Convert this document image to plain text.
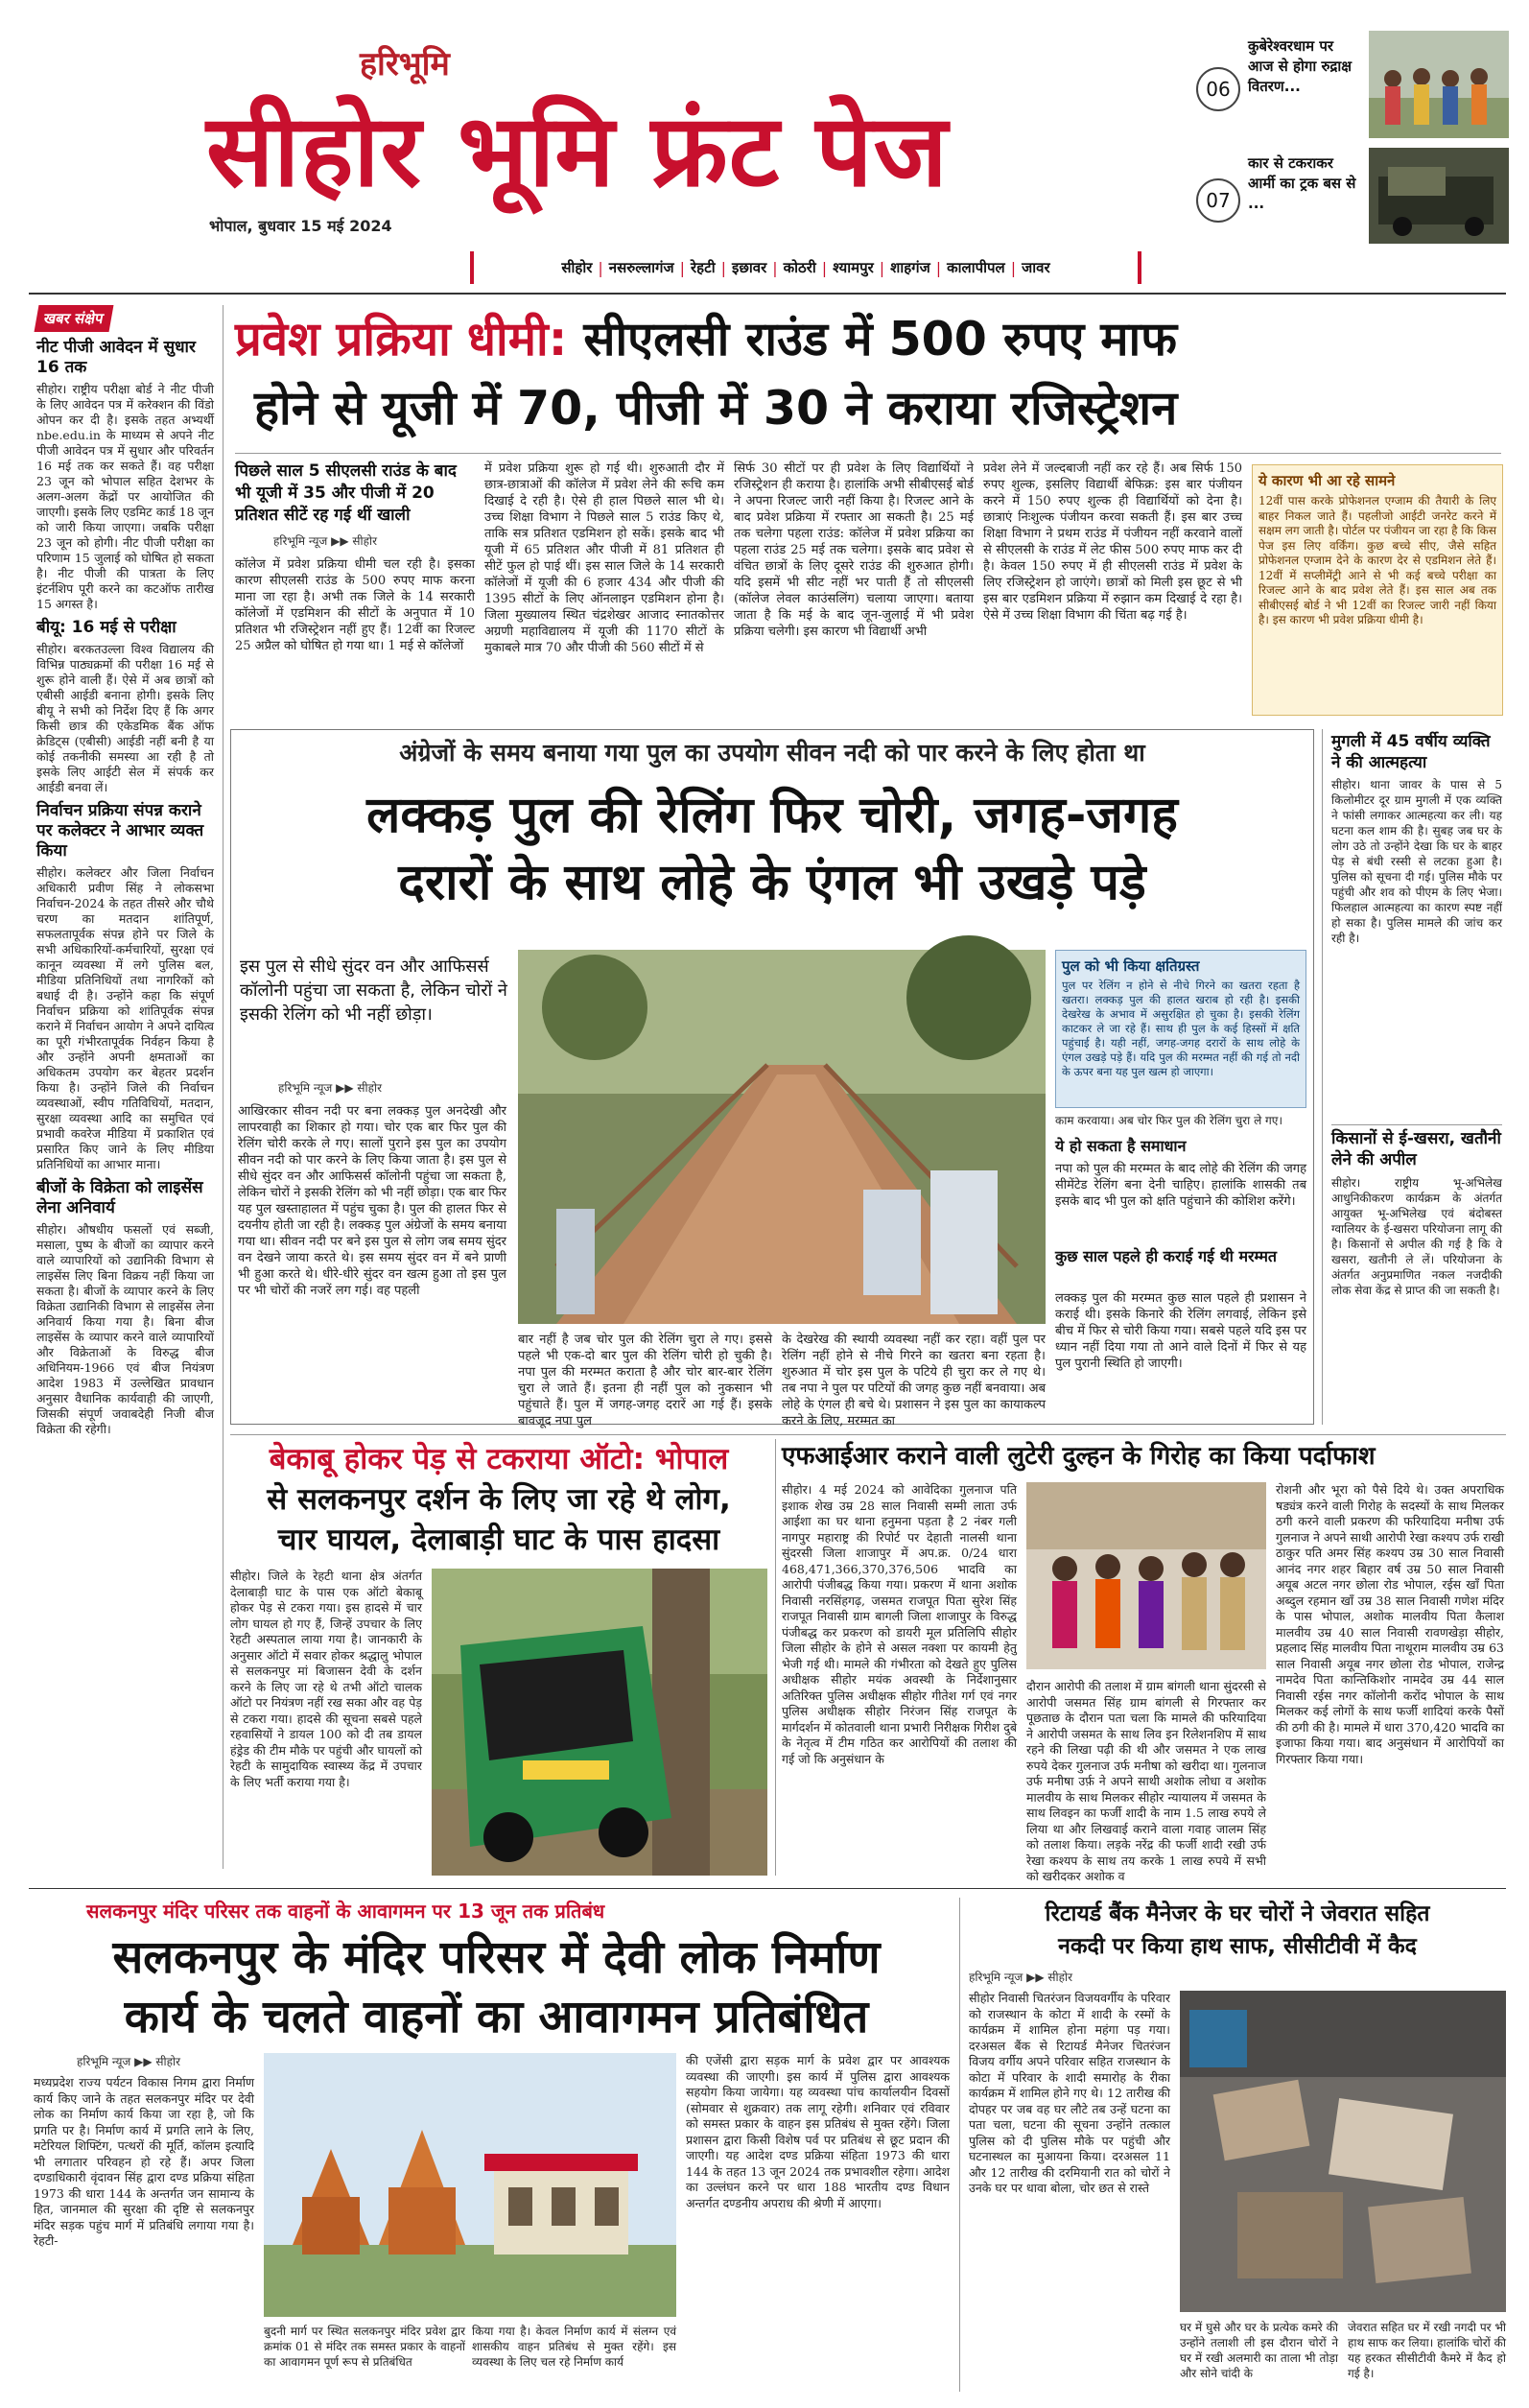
हरिभूमि
सीहोर भूमि फ्रंट पेज
भोपाल, बुधवार 15 मई 2024
06
कुबेरेश्वरधाम पर आज से होगा रुद्राक्ष वितरण...
07
कार से टकराकर आर्मी का ट्रक बस से ...
सीहोर | नसरुल्लागंज | रेहटी | इछावर | कोठरी | श्यामपुर | शाहगंज | कालापीपल | जावर
खबर संक्षेप
नीट पीजी आवेदन में सुधार 16 तक
सीहोर। राष्ट्रीय परीक्षा बोर्ड ने नीट पीजी के लिए आवेदन पत्र में करेक्शन की विंडो ओपन कर दी है। इसके तहत अभ्यर्थी nbe.edu.in के माध्यम से अपने नीट पीजी आवेदन पत्र में सुधार और परिवर्तन 16 मई तक कर सकते हैं। वह परीक्षा 23 जून को भोपाल सहित देशभर के अलग-अलग केंद्रों पर आयोजित की जाएगी। इसके लिए एडमिट कार्ड 18 जून को जारी किया जाएगा। जबकि परीक्षा 23 जून को होगी। नीट पीजी परीक्षा का परिणाम 15 जुलाई को घोषित हो सकता है। नीट पीजी की पात्रता के लिए इंटर्नशिप पूरी करने का कटऑफ तारीख 15 अगस्त है।
बीयू: 16 मई से परीक्षा
सीहोर। बरकतउल्ला विश्व विद्यालय की विभिन्न पाठ्यक्रमों की परीक्षा 16 मई से शुरू होने वाली हैं। ऐसे में अब छात्रों को एबीसी आईडी बनाना होगी। इसके लिए बीयू ने सभी को निर्देश दिए हैं कि अगर किसी छात्र की एकेडमिक बैंक ऑफ क्रेडिट्स (एबीसी) आईडी नहीं बनी है या कोई तकनीकी समस्या आ रही है तो इसके लिए आईटी सेल में संपर्क कर आईडी बनवा लें।
निर्वाचन प्रक्रिया संपन्न कराने पर कलेक्टर ने आभार व्यक्त किया
सीहोर। कलेक्टर और जिला निर्वाचन अधिकारी प्रवीण सिंह ने लोकसभा निर्वाचन-2024 के तहत तीसरे और चौथे चरण का मतदान शांतिपूर्ण, सफलतापूर्वक संपन्न होने पर जिले के सभी अधिकारियों-कर्मचारियों, सुरक्षा एवं कानून व्यवस्था में लगे पुलिस बल, मीडिया प्रतिनिधियों तथा नागरिकों को बधाई दी है। उन्होंने कहा कि संपूर्ण निर्वाचन प्रक्रिया को शांतिपूर्वक संपन्न कराने में निर्वाचन आयोग ने अपने दायित्व का पूरी गंभीरतापूर्वक निर्वहन किया है और उन्होंने अपनी क्षमताओं का अधिकतम उपयोग कर बेहतर प्रदर्शन किया है। उन्होंने जिले की निर्वाचन व्यवस्थाओं, स्वीप गतिविधियों, मतदान, सुरक्षा व्यवस्था आदि का समुचित एवं प्रभावी कवरेज मीडिया में प्रकाशित एवं प्रसारित किए जाने के लिए मीडिया प्रतिनिधियों का आभार माना।
बीजों के विक्रेता को लाइसेंस लेना अनिवार्य
सीहोर। औषधीय फसलों एवं सब्जी, मसाला, पुष्प के बीजों का व्यापार करने वाले व्यापारियों को उद्यानिकी विभाग से लाइसेंस लिए बिना विक्रय नहीं किया जा सकता है। बीजों के व्यापार करने के लिए विक्रेता उद्यानिकी विभाग से लाइसेंस लेना अनिवार्य किया गया है। बिना बीज लाइसेंस के व्यापार करने वाले व्यापारियों और विक्रेताओं के विरुद्ध बीज अधिनियम-1966 एवं बीज नियंत्रण आदेश 1983 में उल्लेखित प्रावधान अनुसार वैधानिक कार्यवाही की जाएगी, जिसकी संपूर्ण जवाबदेही निजी बीज विक्रेता की रहेगी।
प्रवेश प्रक्रिया धीमी: सीएलसी राउंड में 500 रुपए माफ
होने से यूजी में 70, पीजी में 30 ने कराया रजिस्ट्रेशन
पिछले साल 5 सीएलसी राउंड के बाद भी यूजी में 35 और पीजी में 20 प्रतिशत सीटें रह गई थीं खाली
हरिभूमि न्यूज ▶▶ सीहोर
कॉलेज में प्रवेश प्रक्रिया धीमी चल रही है। इसका कारण सीएलसी राउंड के 500 रुपए माफ करना माना जा रहा है। अभी तक जिले के 14 सरकारी कॉलेजों में एडमिशन की सीटों के अनुपात में 10 प्रतिशत भी रजिस्ट्रेशन नहीं हुए हैं। 12वीं का रिजल्ट 25 अप्रैल को घोषित हो गया था। 1 मई से कॉलेजों
में प्रवेश प्रक्रिया शुरू हो गई थी। शुरुआती दौर में छात्र-छात्राओं की कॉलेज में प्रवेश लेने की रूचि कम दिखाई दे रही है। ऐसे ही हाल पिछले साल भी थे। उच्च शिक्षा विभाग ने पिछले साल 5 राउंड किए थे, ताकि सत्र प्रतिशत एडमिशन हो सकें। इसके बाद भी यूजी में 65 प्रतिशत और पीजी में 81 प्रतिशत ही सीटें फुल हो पाई थीं। इस साल जिले के 14 सरकारी कॉलेजों में यूजी की 6 हजार 434 और पीजी की 1395 सीटों के लिए ऑनलाइन एडमिशन होना है। जिला मुख्यालय स्थित चंद्रशेखर आजाद स्नातकोत्तर अग्रणी महाविद्यालय में यूजी की 1170 सीटों के मुकाबले मात्र 70 और पीजी की 560 सीटों में से
सिर्फ 30 सीटों पर ही प्रवेश के लिए विद्यार्थियों ने रजिस्ट्रेशन ही कराया है। हालांकि अभी सीबीएसई बोर्ड ने अपना रिजल्ट जारी नहीं किया है। रिजल्ट आने के बाद प्रवेश प्रक्रिया में रफ्तार आ सकती है। 25 मई तक चलेगा पहला राउंड: कॉलेज में प्रवेश प्रक्रिया का पहला राउंड 25 मई तक चलेगा। इसके बाद प्रवेश से वंचित छात्रों के लिए दूसरे राउंड की शुरुआत होगी। यदि इसमें भी सीट नहीं भर पाती हैं तो सीएलसी (कॉलेज लेवल काउंसलिंग) चलाया जाएगा। बताया जाता है कि मई के बाद जून-जुलाई में भी प्रवेश प्रक्रिया चलेगी। इस कारण भी विद्यार्थी अभी
प्रवेश लेने में जल्दबाजी नहीं कर रहे हैं। अब सिर्फ 150 रुपए शुल्क, इसलिए विद्यार्थी बेफिक्र: इस बार पंजीयन करने में 150 रुपए शुल्क ही विद्यार्थियों को देना है। छात्राएं निःशुल्क पंजीयन करवा सकती हैं। इस बार उच्च शिक्षा विभाग ने प्रथम राउंड में पंजीयन नहीं करवाने वालों से सीएलसी के राउंड में लेट फीस 500 रुपए माफ कर दी है। केवल 150 रुपए में ही सीएलसी राउंड में प्रवेश के लिए रजिस्ट्रेशन हो जाएंगे। छात्रों को मिली इस छूट से भी इस बार एडमिशन प्रक्रिया में रुझान कम दिखाई दे रहा है। ऐसे में उच्च शिक्षा विभाग की चिंता बढ़ गई है।
ये कारण भी आ रहे सामने
12वीं पास करके प्रोफेशनल एग्जाम की तैयारी के लिए बाहर निकल जाते हैं। पहलीजो आईटी जनरेट करने में सक्षम लग जाती है। पोर्टल पर पंजीयन जा रहा है कि किस पेज इस लिए वर्किंग। कुछ बच्चे सीए, जैसे सहित प्रोफेशनल एग्जाम देने के कारण देर से एडमिशन लेते हैं। 12वीं में सप्लीमेंट्री आने से भी कई बच्चे परीक्षा का रिजल्ट आने के बाद प्रवेश लेते हैं। इस साल अब तक सीबीएसई बोर्ड ने भी 12वीं का रिजल्ट जारी नहीं किया है। इस कारण भी प्रवेश प्रक्रिया धीमी है।
अंग्रेजों के समय बनाया गया पुल का उपयोग सीवन नदी को पार करने के लिए होता था
लक्कड़ पुल की रेलिंग फिर चोरी, जगह-जगह
दरारों के साथ लोहे के एंगल भी उखड़े पड़े
इस पुल से सीधे सुंदर वन और आफिसर्स कॉलोनी पहुंचा जा सकता है, लेकिन चोरों ने इसकी रेलिंग को भी नहीं छोड़ा।
हरिभूमि न्यूज ▶▶ सीहोर
आखिरकार सीवन नदी पर बना लक्कड़ पुल अनदेखी और लापरवाही का शिकार हो गया। चोर एक बार फिर पुल की रेलिंग चोरी करके ले गए। सालों पुराने इस पुल का उपयोग सीवन नदी को पार करने के लिए किया जाता है। इस पुल से सीधे सुंदर वन और आफिसर्स कॉलोनी पहुंचा जा सकता है, लेकिन चोरों ने इसकी रेलिंग को भी नहीं छोड़ा। एक बार फिर यह पुल खस्ताहालत में पहुंच चुका है। पुल की हालत फिर से दयनीय होती जा रही है। लक्कड़ पुल अंग्रेजों के समय बनाया गया था। सीवन नदी पर बने इस पुल से लोग जब समय सुंदर वन देखने जाया करते थे। इस समय सुंदर वन में बने प्राणी भी हुआ करते थे। धीरे-धीरे सुंदर वन खत्म हुआ तो इस पुल पर भी चोरों की नजरें लग गई। वह पहली
बार नहीं है जब चोर पुल की रेलिंग चुरा ले गए। इससे पहले भी एक-दो बार पुल की रेलिंग चोरी हो चुकी है। नपा पुल की मरम्मत कराता है और चोर बार-बार रेलिंग चुरा ले जाते हैं। इतना ही नहीं पुल को नुकसान भी पहुंचाते हैं। पुल में जगह-जगह दरारें आ गई हैं। इसके बावजूद नपा पुल
के देखरेख की स्थायी व्यवस्था नहीं कर रहा। वहीं पुल पर रेलिंग नहीं होने से नीचे गिरने का खतरा बना रहता है। शुरुआत में चोर इस पुल के पटिये ही चुरा कर ले गए थे। तब नपा ने पुल पर पटियों की जगह कुछ नहीं बनवाया। अब लोहे के एंगल ही बचे थे। प्रशासन ने इस पुल का कायाकल्प करने के लिए, मरम्मत का
पुल को भी किया क्षतिग्रस्त
पुल पर रेलिंग न होने से नीचे गिरने का खतरा रहता है खतरा। लक्कड़ पुल की हालत खराब हो रही है। इसकी देखरेख के अभाव में असुरक्षित हो चुका है। इसकी रेलिंग काटकर ले जा रहे हैं। साथ ही पुल के कई हिस्सों में क्षति पहुंचाई है। यही नहीं, जगह-जगह दरारों के साथ लोहे के एंगल उखड़े पड़े हैं। यदि पुल की मरम्मत नहीं की गई तो नदी के ऊपर बना यह पुल खत्म हो जाएगा।
काम करवाया। अब चोर फिर पुल की रेलिंग चुरा ले गए।
ये हो सकता है समाधान
नपा को पुल की मरम्मत के बाद लोहे की रेलिंग की जगह सीमेंटेड रेलिंग बना देनी चाहिए। हालांकि शासकी तब इसके बाद भी पुल को क्षति पहुंचाने की कोशिश करेंगे।
कुछ साल पहले ही कराई गई थी मरम्मत
लक्कड़ पुल की मरम्मत कुछ साल पहले ही प्रशासन ने कराई थी। इसके किनारे की रेलिंग लगवाई, लेकिन इसे बीच में फिर से चोरी किया गया। सबसे पहले यदि इस पर ध्यान नहीं दिया गया तो आने वाले दिनों में फिर से यह पुल पुरानी स्थिति हो जाएगी।
मुगली में 45 वर्षीय व्यक्ति ने की आत्महत्या
सीहोर। थाना जावर के पास से 5 किलोमीटर दूर ग्राम मुगली में एक व्यक्ति ने फांसी लगाकर आत्महत्या कर ली। यह घटना कल शाम की है। सुबह जब घर के लोग उठे तो उन्होंने देखा कि घर के बाहर पेड़ से बंधी रस्सी से लटका हुआ है। पुलिस को सूचना दी गई। पुलिस मौके पर पहुंची और शव को पीएम के लिए भेजा। फिलहाल आत्महत्या का कारण स्पष्ट नहीं हो सका है। पुलिस मामले की जांच कर रही है।
किसानों से ई-खसरा, खतौनी लेने की अपील
सीहोर। राष्ट्रीय भू-अभिलेख आधुनिकीकरण कार्यक्रम के अंतर्गत आयुक्त भू-अभिलेख एवं बंदोबस्त ग्वालियर के ई-खसरा परियोजना लागू की है। किसानों से अपील की गई है कि वे खसरा, खतौनी ले लें। परियोजना के अंतर्गत अनुप्रमाणित नकल नजदीकी लोक सेवा केंद्र से प्राप्त की जा सकती है।
बेकाबू होकर पेड़ से टकराया ऑटो: भोपाल
से सलकनपुर दर्शन के लिए जा रहे थे लोग,
चार घायल, देलाबाड़ी घाट के पास हादसा
सीहोर। जिले के रेहटी थाना क्षेत्र अंतर्गत देलाबाड़ी घाट के पास एक ऑटो बेकाबू होकर पेड़ से टकरा गया। इस हादसे में चार लोग घायल हो गए हैं, जिन्हें उपचार के लिए रेहटी अस्पताल लाया गया है। जानकारी के अनुसार ऑटो में सवार होकर श्रद्धालु भोपाल से सलकनपुर मां बिजासन देवी के दर्शन करने के लिए जा रहे थे तभी ऑटो चालक ऑटो पर नियंत्रण नहीं रख सका और वह पेड़ से टकरा गया। हादसे की सूचना सबसे पहले रहवासियों ने डायल 100 को दी तब डायल हंड्रेड की टीम मौके पर पहुंची और घायलों को रेहटी के सामुदायिक स्वास्थ्य केंद्र में उपचार के लिए भर्ती कराया गया है।
एफआईआर कराने वाली लुटेरी दुल्हन के गिरोह का किया पर्दाफाश
सीहोर। 4 मई 2024 को आवेदिका गुलनाज पति इशाक शेख उम्र 28 साल निवासी सम्मी लाता उर्फ आईशा का घर थाना हनुमना पड़ता है 2 नंबर गली नागपुर महाराष्ट्र की रिपोर्ट पर देहाती नालसी थाना सुंदरसी जिला शाजापुर में अप.क्र. 0/24 धारा 468,471,366,370,376,506 भादवि का आरोपी पंजीबद्ध किया गया। प्रकरण में थाना अशोक निवासी नरसिंहगढ़, जसमत राजपूत पिता सुरेश सिंह राजपूत निवासी ग्राम बागली जिला शाजापुर के विरुद्ध पंजीबद्ध कर प्रकरण को डायरी मूल प्रतिलिपि सीहोर जिला सीहोर के होने से असल नक्शा पर कायमी हेतु भेजी गई थी। मामले की गंभीरता को देखते हुए पुलिस अधीक्षक सीहोर मयंक अवस्थी के निर्देशानुसार अतिरिक्त पुलिस अधीक्षक सीहोर गीतेश गर्ग एवं नगर पुलिस अधीक्षक सीहोर निरंजन सिंह राजपूत के मार्गदर्शन में कोतवाली थाना प्रभारी निरीक्षक गिरीश दुबे के नेतृत्व में टीम गठित कर आरोपियों की तलाश की गई जो कि अनुसंधान के
दौरान आरोपी की तलाश में ग्राम बांगली थाना सुंदरसी से आरोपी जसमत सिंह ग्राम बांगली से गिरफ्तार कर पूछताछ के दौरान पता चला कि मामले की फरियादिया ने आरोपी जसमत के साथ लिव इन रिलेशनशिप में साथ रहने की लिखा पढ़ी की थी और जसमत ने एक लाख रुपये देकर गुलनाज उर्फ मनीषा को खरीदा था। गुलनाज उर्फ मनीषा उर्फ़ ने अपने साथी अशोक लोधा व अशोक मालवीय के साथ मिलकर सीहोर न्यायालय में जसमत के साथ लिवइन का फर्जी शादी के नाम 1.5 लाख रुपये ले लिया था और लिखवाई कराने वाला गवाह जालम सिंह को तलाश किया। लड़के नरेंद्र की फर्जी शादी रखी उर्फ रेखा कश्यप के साथ तय करके 1 लाख रुपये में सभी को खरीदकर अशोक व
रोशनी और भूरा को पैसे दिये थे। उक्त अपराधिक षड्यंत्र करने वाली गिरोह के सदस्यों के साथ मिलकर ठगी करने वाली प्रकरण की फरियादिया मनीषा उर्फ गुलनाज ने अपने साथी आरोपी रेखा कश्यप उर्फ राखी ठाकुर पति अमर सिंह कश्यप उम्र 30 साल निवासी आनंद नगर शहर बिहार वर्ष उम्र 50 साल निवासी अयूब अटल नगर छोला रोड भोपाल, रईस खाँ पिता अब्दुल रहमान खाँ उम्र 38 साल निवासी गणेश मंदिर के पास भोपाल, अशोक मालवीय पिता कैलाश मालवीय उम्र 40 साल निवासी रावणखेड़ा सीहोर, प्रहलाद सिंह मालवीय पिता नाथूराम मालवीय उम्र 63 साल निवासी अयूब नगर छोला रोड भोपाल, राजेन्द्र नामदेव पिता कान्तिकिशोर नामदेव उम्र 44 साल निवासी रईस नगर कॉलोनी करोंद भोपाल के साथ मिलकर कई लोगों के साथ फर्जी शादियां करके पैसों की ठगी की है। मामले में धारा 370,420 भादवि का इजाफा किया गया। बाद अनुसंधान में आरोपियों का गिरफ्तार किया गया।
सलकनपुर मंदिर परिसर तक वाहनों के आवागमन पर 13 जून तक प्रतिबंध
सलकनपुर के मंदिर परिसर में देवी लोक निर्माण
कार्य के चलते वाहनों का आवागमन प्रतिबंधित
हरिभूमि न्यूज ▶▶ सीहोर
मध्यप्रदेश राज्य पर्यटन विकास निगम द्वारा निर्माण कार्य किए जाने के तहत सलकनपुर मंदिर पर देवी लोक का निर्माण कार्य किया जा रहा है, जो कि प्रगति पर है। निर्माण कार्य में प्रगति लाने के लिए, मटेरियल शिफ्टिंग, पत्थरों की मूर्ति, कॉलम इत्यादि भी लगातार परिवहन हो रहे हैं। अपर जिला दण्डाधिकारी वृंदावन सिंह द्वारा दण्ड प्रक्रिया संहिता 1973 की धारा 144 के अन्तर्गत जन सामान्य के हित, जानमाल की सुरक्षा की दृष्टि से सलकनपुर मंदिर सड़क पहुंच मार्ग में प्रतिबंधि लगाया गया है। रेहटी-
बुदनी मार्ग पर स्थित सलकनपुर मंदिर प्रवेश द्वार क्रमांक 01 से मंदिर तक समस्त प्रकार के वाहनों का आवागमन पूर्ण रूप से प्रतिबंधित
किया गया है। केवल निर्माण कार्य में संलग्न एवं शासकीय वाहन प्रतिबंध से मुक्त रहेंगे। इस व्यवस्था के लिए चल रहे निर्माण कार्य
की एजेंसी द्वारा सड़क मार्ग के प्रवेश द्वार पर आवश्यक व्यवस्था की जाएगी। इस कार्य में पुलिस द्वारा आवश्यक सहयोग किया जायेगा। यह व्यवस्था पांच कार्यालयीन दिवसों (सोमवार से शुक्रवार) तक लागू रहेगी। शनिवार एवं रविवार को समस्त प्रकार के वाहन इस प्रतिबंध से मुक्त रहेंगे। जिला प्रशासन द्वारा किसी विशेष पर्व पर प्रतिबंध से छूट प्रदान की जाएगी। यह आदेश दण्ड प्रक्रिया संहिता 1973 की धारा 144 के तहत 13 जून 2024 तक प्रभावशील रहेगा। आदेश का उल्लंघन करने पर धारा 188 भारतीय दण्ड विधान अन्तर्गत दण्डनीय अपराध की श्रेणी में आएगा।
रिटायर्ड बैंक मैनेजर के घर चोरों ने जेवरात सहित
नकदी पर किया हाथ साफ, सीसीटीवी में कैद
हरिभूमि न्यूज ▶▶ सीहोर
सीहोर निवासी चितरंजन विजयवर्गीय के परिवार को राजस्थान के कोटा में शादी के रस्मों के कार्यक्रम में शामिल होना महंगा पड़ गया। दरअसल बैंक से रिटायर्ड मैनेजर चितरंजन विजय वर्गीय अपने परिवार सहित राजस्थान के कोटा में परिवार के शादी समारोह के रीका कार्यक्रम में शामिल होने गए थे। 12 तारीख की दोपहर पर जब वह घर लौटे तब उन्हें घटना का पता चला, घटना की सूचना उन्होंने तत्काल पुलिस को दी पुलिस मौके पर पहुंची और घटनास्थल का मुआयना किया। दरअसल 11 और 12 तारीख की दरमियानी रात को चोरों ने उनके घर पर धावा बोला, चोर छत से रास्ते
घर में घुसे और घर के प्रत्येक कमरे की उन्होंने तलाशी ली इस दौरान चोरों ने घर में रखी अलमारी का ताला भी तोड़ा और सोने चांदी के
जेवरात सहित घर में रखी नगदी पर भी हाथ साफ कर लिया। हालांकि चोरों की यह हरकत सीसीटीवी कैमरे में कैद हो गई है।
